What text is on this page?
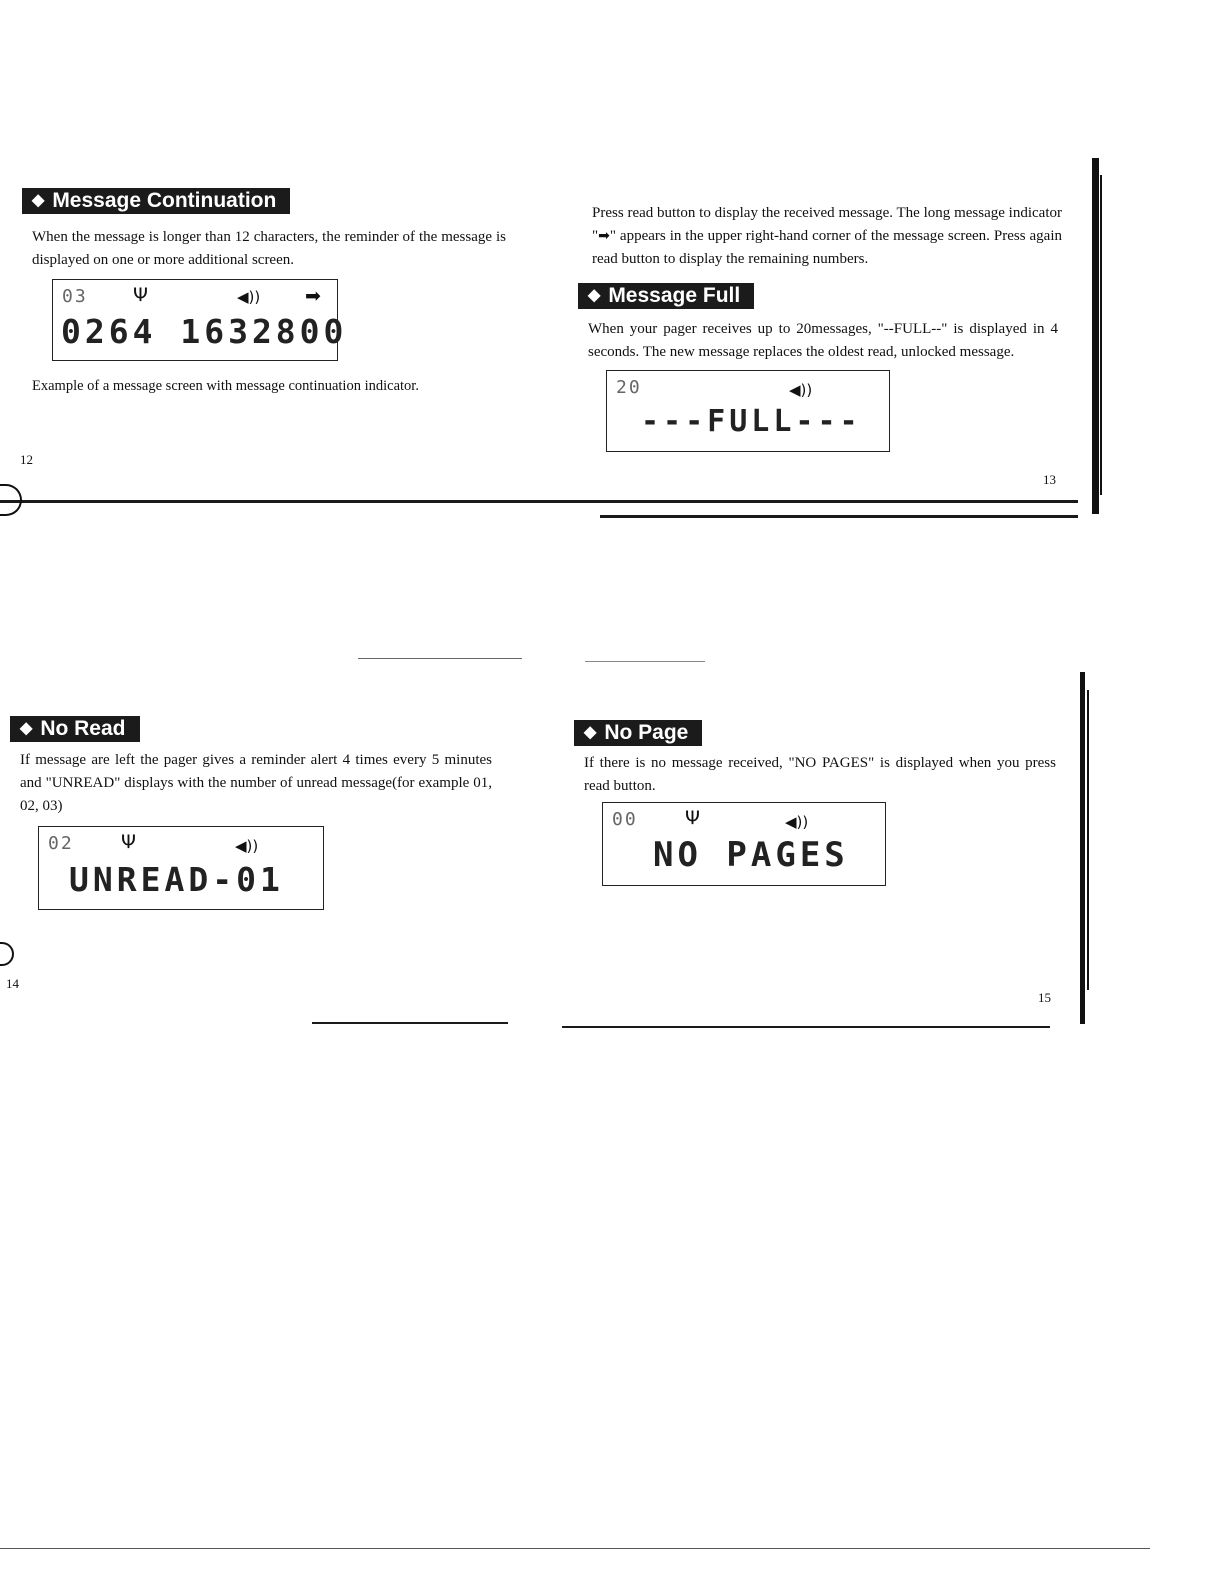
◆ Message Continuation
When the message is longer than 12 characters, the reminder of the message is displayed on one or more additional screen.
03 Ψ	◀)) ➡
0264 1632800
Example of a message screen with message continuation indicator.
12
Press read button to display the received message. The long message indicator "➡" appears in the upper right-hand corner of the message screen. Press again read button to display the remaining numbers.
◆ Message Full
When your pager receives up to 20messages, "--FULL--" is displayed in 4 seconds. The new message replaces the oldest read, unlocked message.
20	◀))
---FULL---
13
◆ No Read
If message are left the pager gives a reminder alert 4 times every 5 minutes and "UNREAD" displays with the number of unread message(for example 01, 02, 03)
02 Ψ	◀))
UNREAD-01
14
◆ No Page
If there is no message received, "NO PAGES" is displayed when you press read button.
00 Ψ	◀))
NO PAGES
15
